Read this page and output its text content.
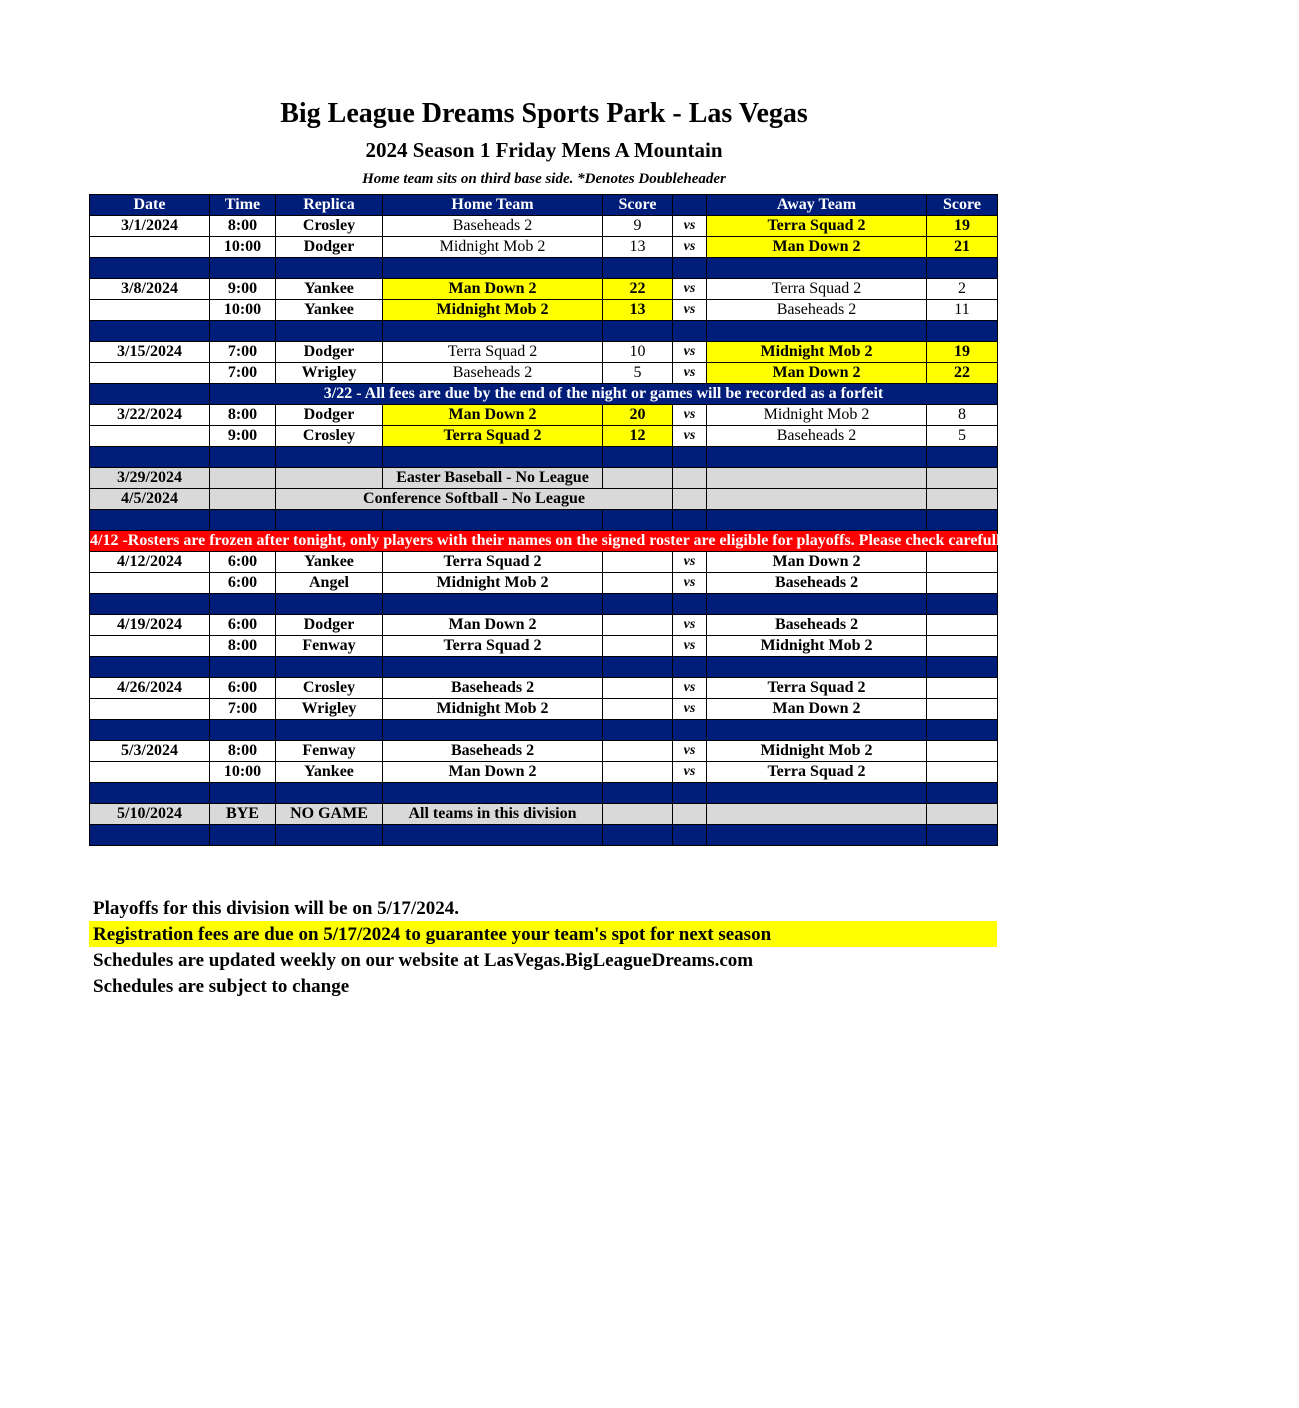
Big League Dreams Sports Park - Las Vegas
2024 Season 1 Friday Mens A Mountain
Home team sits on third base side. *Denotes Doubleheader
Date	Time	Replica	Home Team	Score		Away Team	Score
3/1/2024	8:00	Crosley	Baseheads 2	9	vs	Terra Squad 2	19
	10:00	Dodger	Midnight Mob 2	13	vs	Man Down 2	21

3/8/2024	9:00	Yankee	Man Down 2	22	vs	Terra Squad 2	2
	10:00	Yankee	Midnight Mob 2	13	vs	Baseheads 2	11

3/15/2024	7:00	Dodger	Terra Squad 2	10	vs	Midnight Mob 2	19
	7:00	Wrigley	Baseheads 2	5	vs	Man Down 2	22
	3/22 - All fees are due by the end of the night or games will be recorded as a forfeit						
3/22/2024	8:00	Dodger	Man Down 2	20	vs	Midnight Mob 2	8
	9:00	Crosley	Terra Squad 2	12	vs	Baseheads 2	5

3/29/2024			Easter Baseball - No League				
4/5/2024		Conference Softball - No League					

4/12 -Rosters are frozen after tonight, only players with their names on the signed roster are eligible for playoffs. Please check carefully as changes will not be made for omissions.							
4/12/2024	6:00	Yankee	Terra Squad 2		vs	Man Down 2	
	6:00	Angel	Midnight Mob 2		vs	Baseheads 2	

4/19/2024	6:00	Dodger	Man Down 2		vs	Baseheads 2	
	8:00	Fenway	Terra Squad 2		vs	Midnight Mob 2	

4/26/2024	6:00	Crosley	Baseheads 2		vs	Terra Squad 2	
	7:00	Wrigley	Midnight Mob 2		vs	Man Down 2	

5/3/2024	8:00	Fenway	Baseheads 2		vs	Midnight Mob 2	
	10:00	Yankee	Man Down 2		vs	Terra Squad 2	

5/10/2024	BYE	NO GAME	All teams in this division				

Playoffs for this division will be on 5/17/2024.
Registration fees are due on 5/17/2024 to guarantee your team's spot for next season
Schedules are updated weekly on our website at LasVegas.BigLeagueDreams.com
Schedules are subject to change
